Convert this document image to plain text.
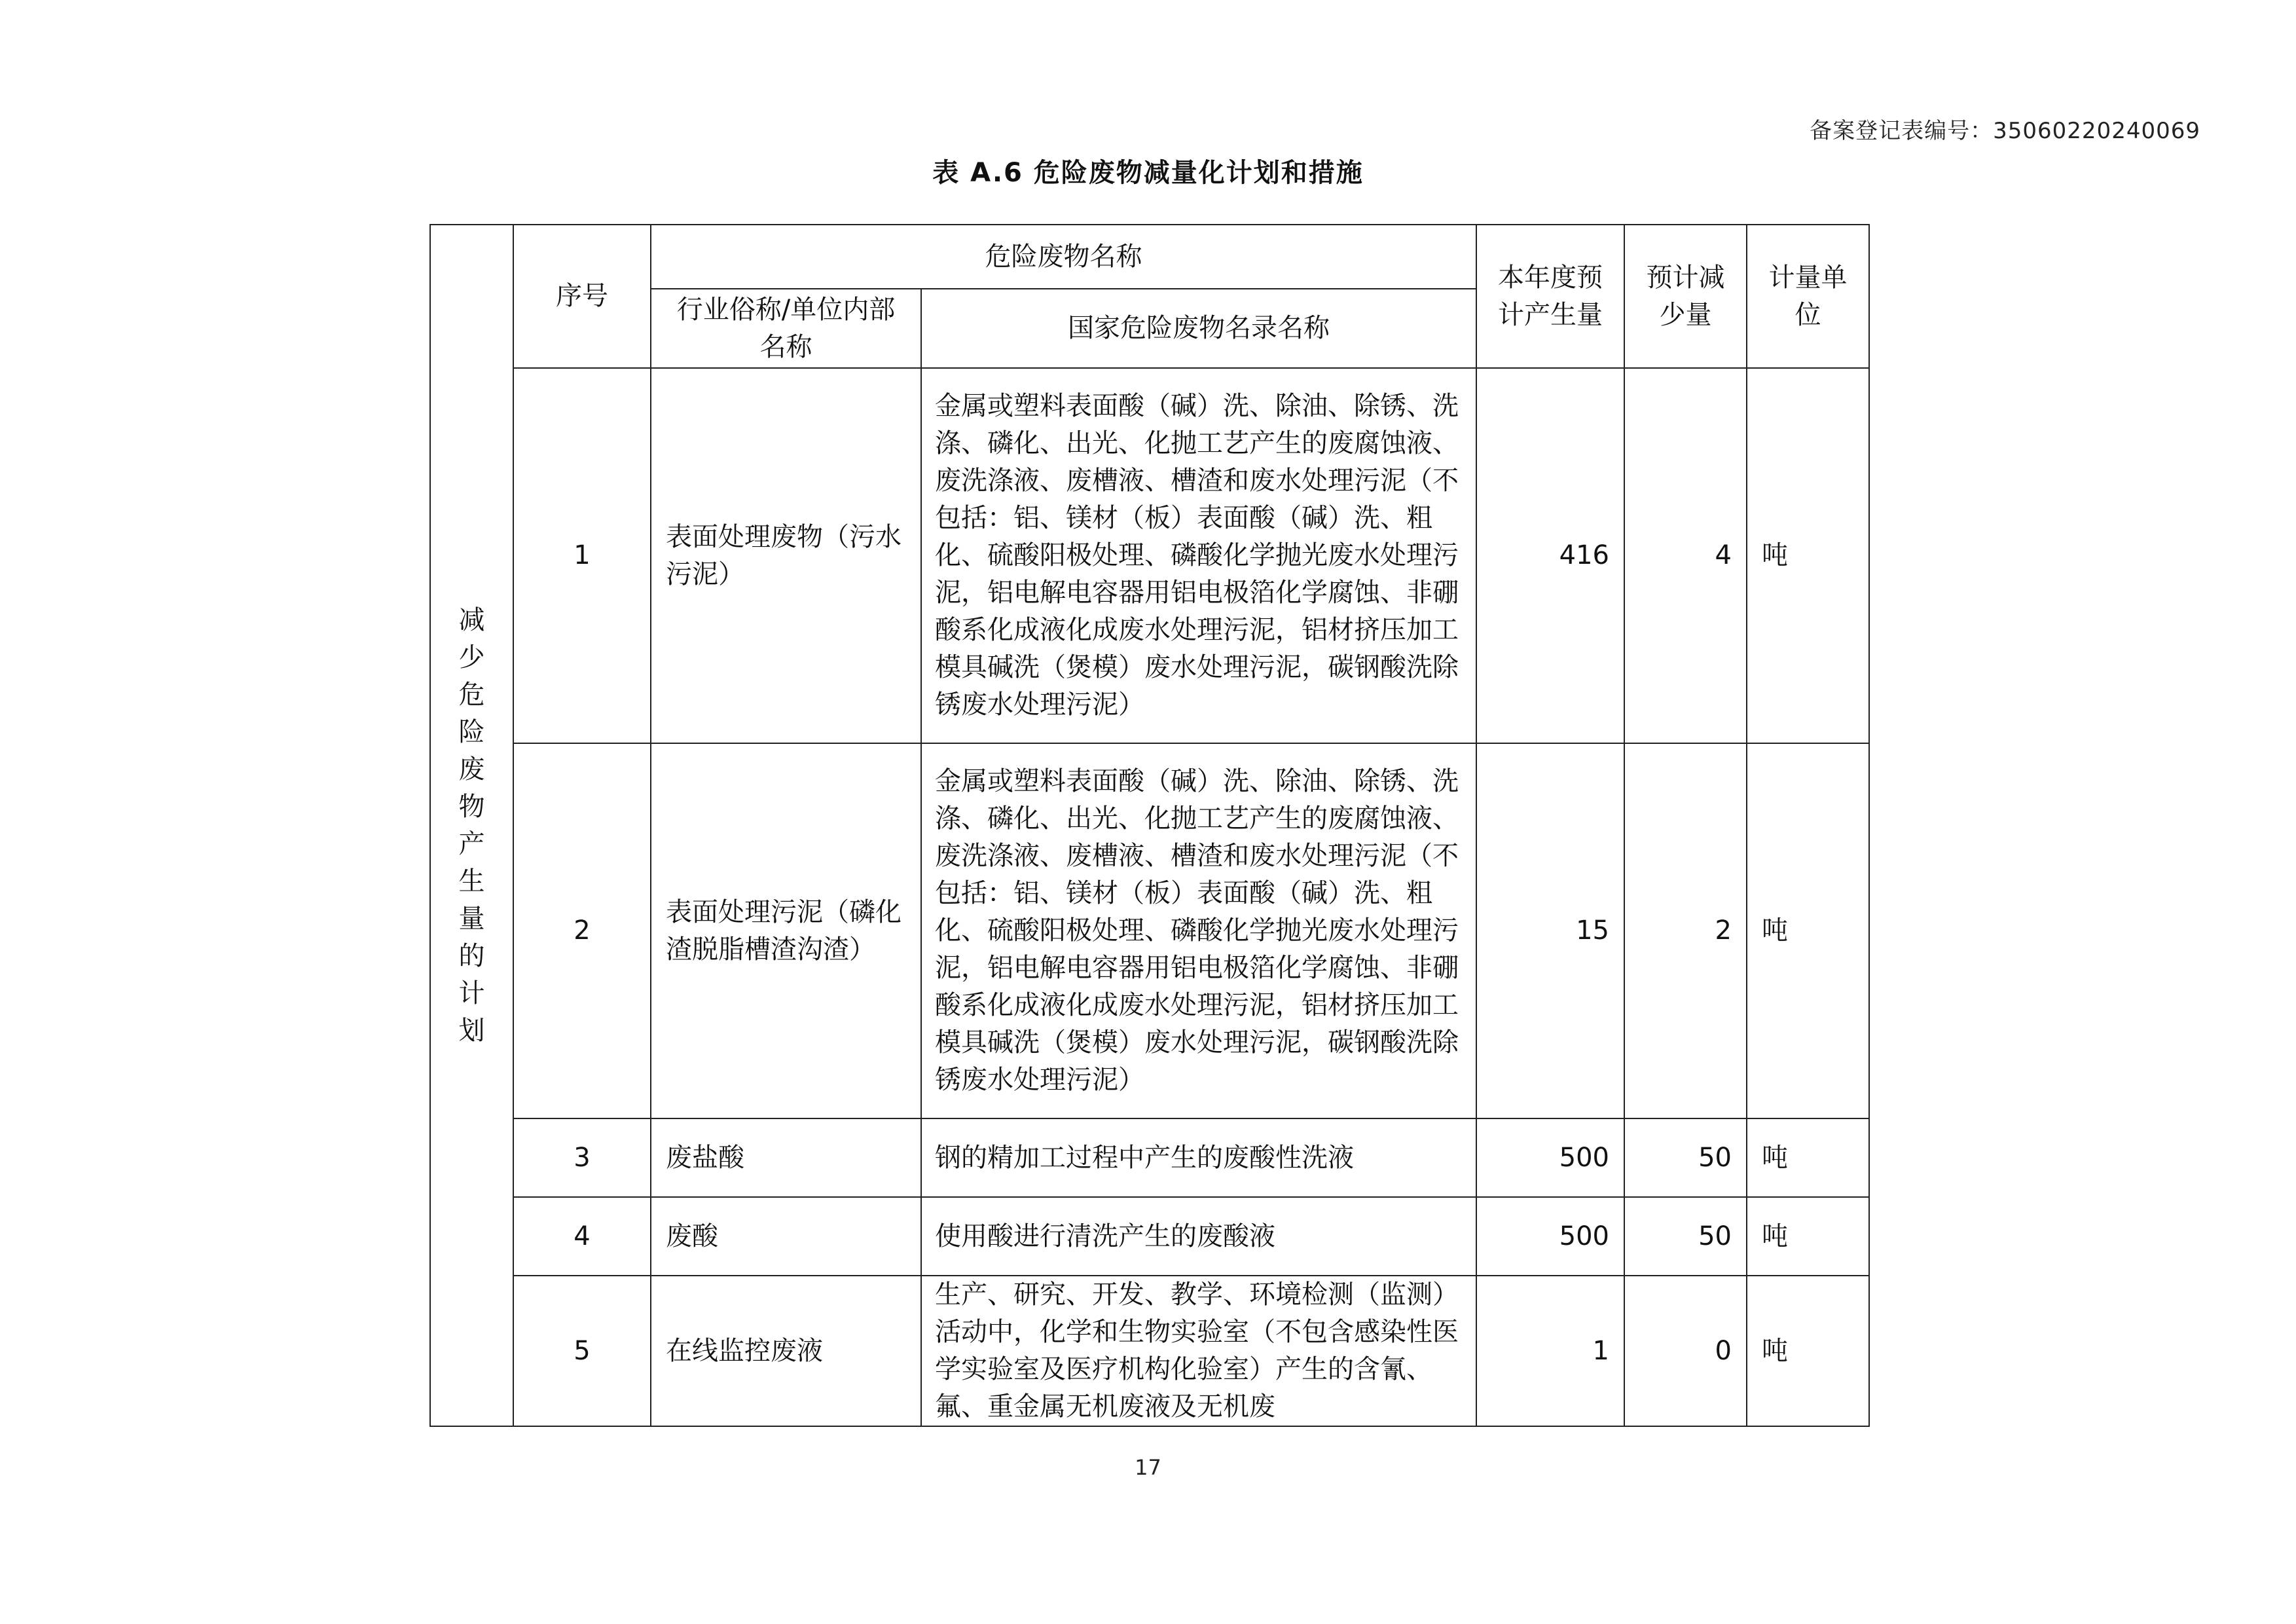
备案登记表编号：35060220240069
表 A.6 危险废物减量化计划和措施
减少危险废物产生量的计划	序号	危险废物名称		本年度预计产生量	预计减少量	计量单位
		行业俗称/单位内部名称	国家危险废物名录名称			
	1	表面处理废物（污水污泥）	金属或塑料表面酸（碱）洗、除油、除锈、洗涤、磷化、出光、化抛工艺产生的废腐蚀液、废洗涤液、废槽液、槽渣和废水处理污泥（不包括：铝、镁材（板）表面酸（碱）洗、粗化、硫酸阳极处理、磷酸化学抛光废水处理污泥，铝电解电容器用铝电极箔化学腐蚀、非硼酸系化成液化成废水处理污泥，铝材挤压加工模具碱洗（煲模）废水处理污泥，碳钢酸洗除锈废水处理污泥）	416	4	吨
	2	表面处理污泥（磷化渣脱脂槽渣沟渣）	金属或塑料表面酸（碱）洗、除油、除锈、洗涤、磷化、出光、化抛工艺产生的废腐蚀液、废洗涤液、废槽液、槽渣和废水处理污泥（不包括：铝、镁材（板）表面酸（碱）洗、粗化、硫酸阳极处理、磷酸化学抛光废水处理污泥，铝电解电容器用铝电极箔化学腐蚀、非硼酸系化成液化成废水处理污泥，铝材挤压加工模具碱洗（煲模）废水处理污泥，碳钢酸洗除锈废水处理污泥）	15	2	吨
	3	废盐酸	钢的精加工过程中产生的废酸性洗液	500	50	吨
	4	废酸	使用酸进行清洗产生的废酸液	500	50	吨
	5	在线监控废液	生产、研究、开发、教学、环境检测（监测）活动中，化学和生物实验室（不包含感染性医学实验室及医疗机构化验室）产生的含氰、氟、重金属无机废液及无机废	1	0	吨
17
